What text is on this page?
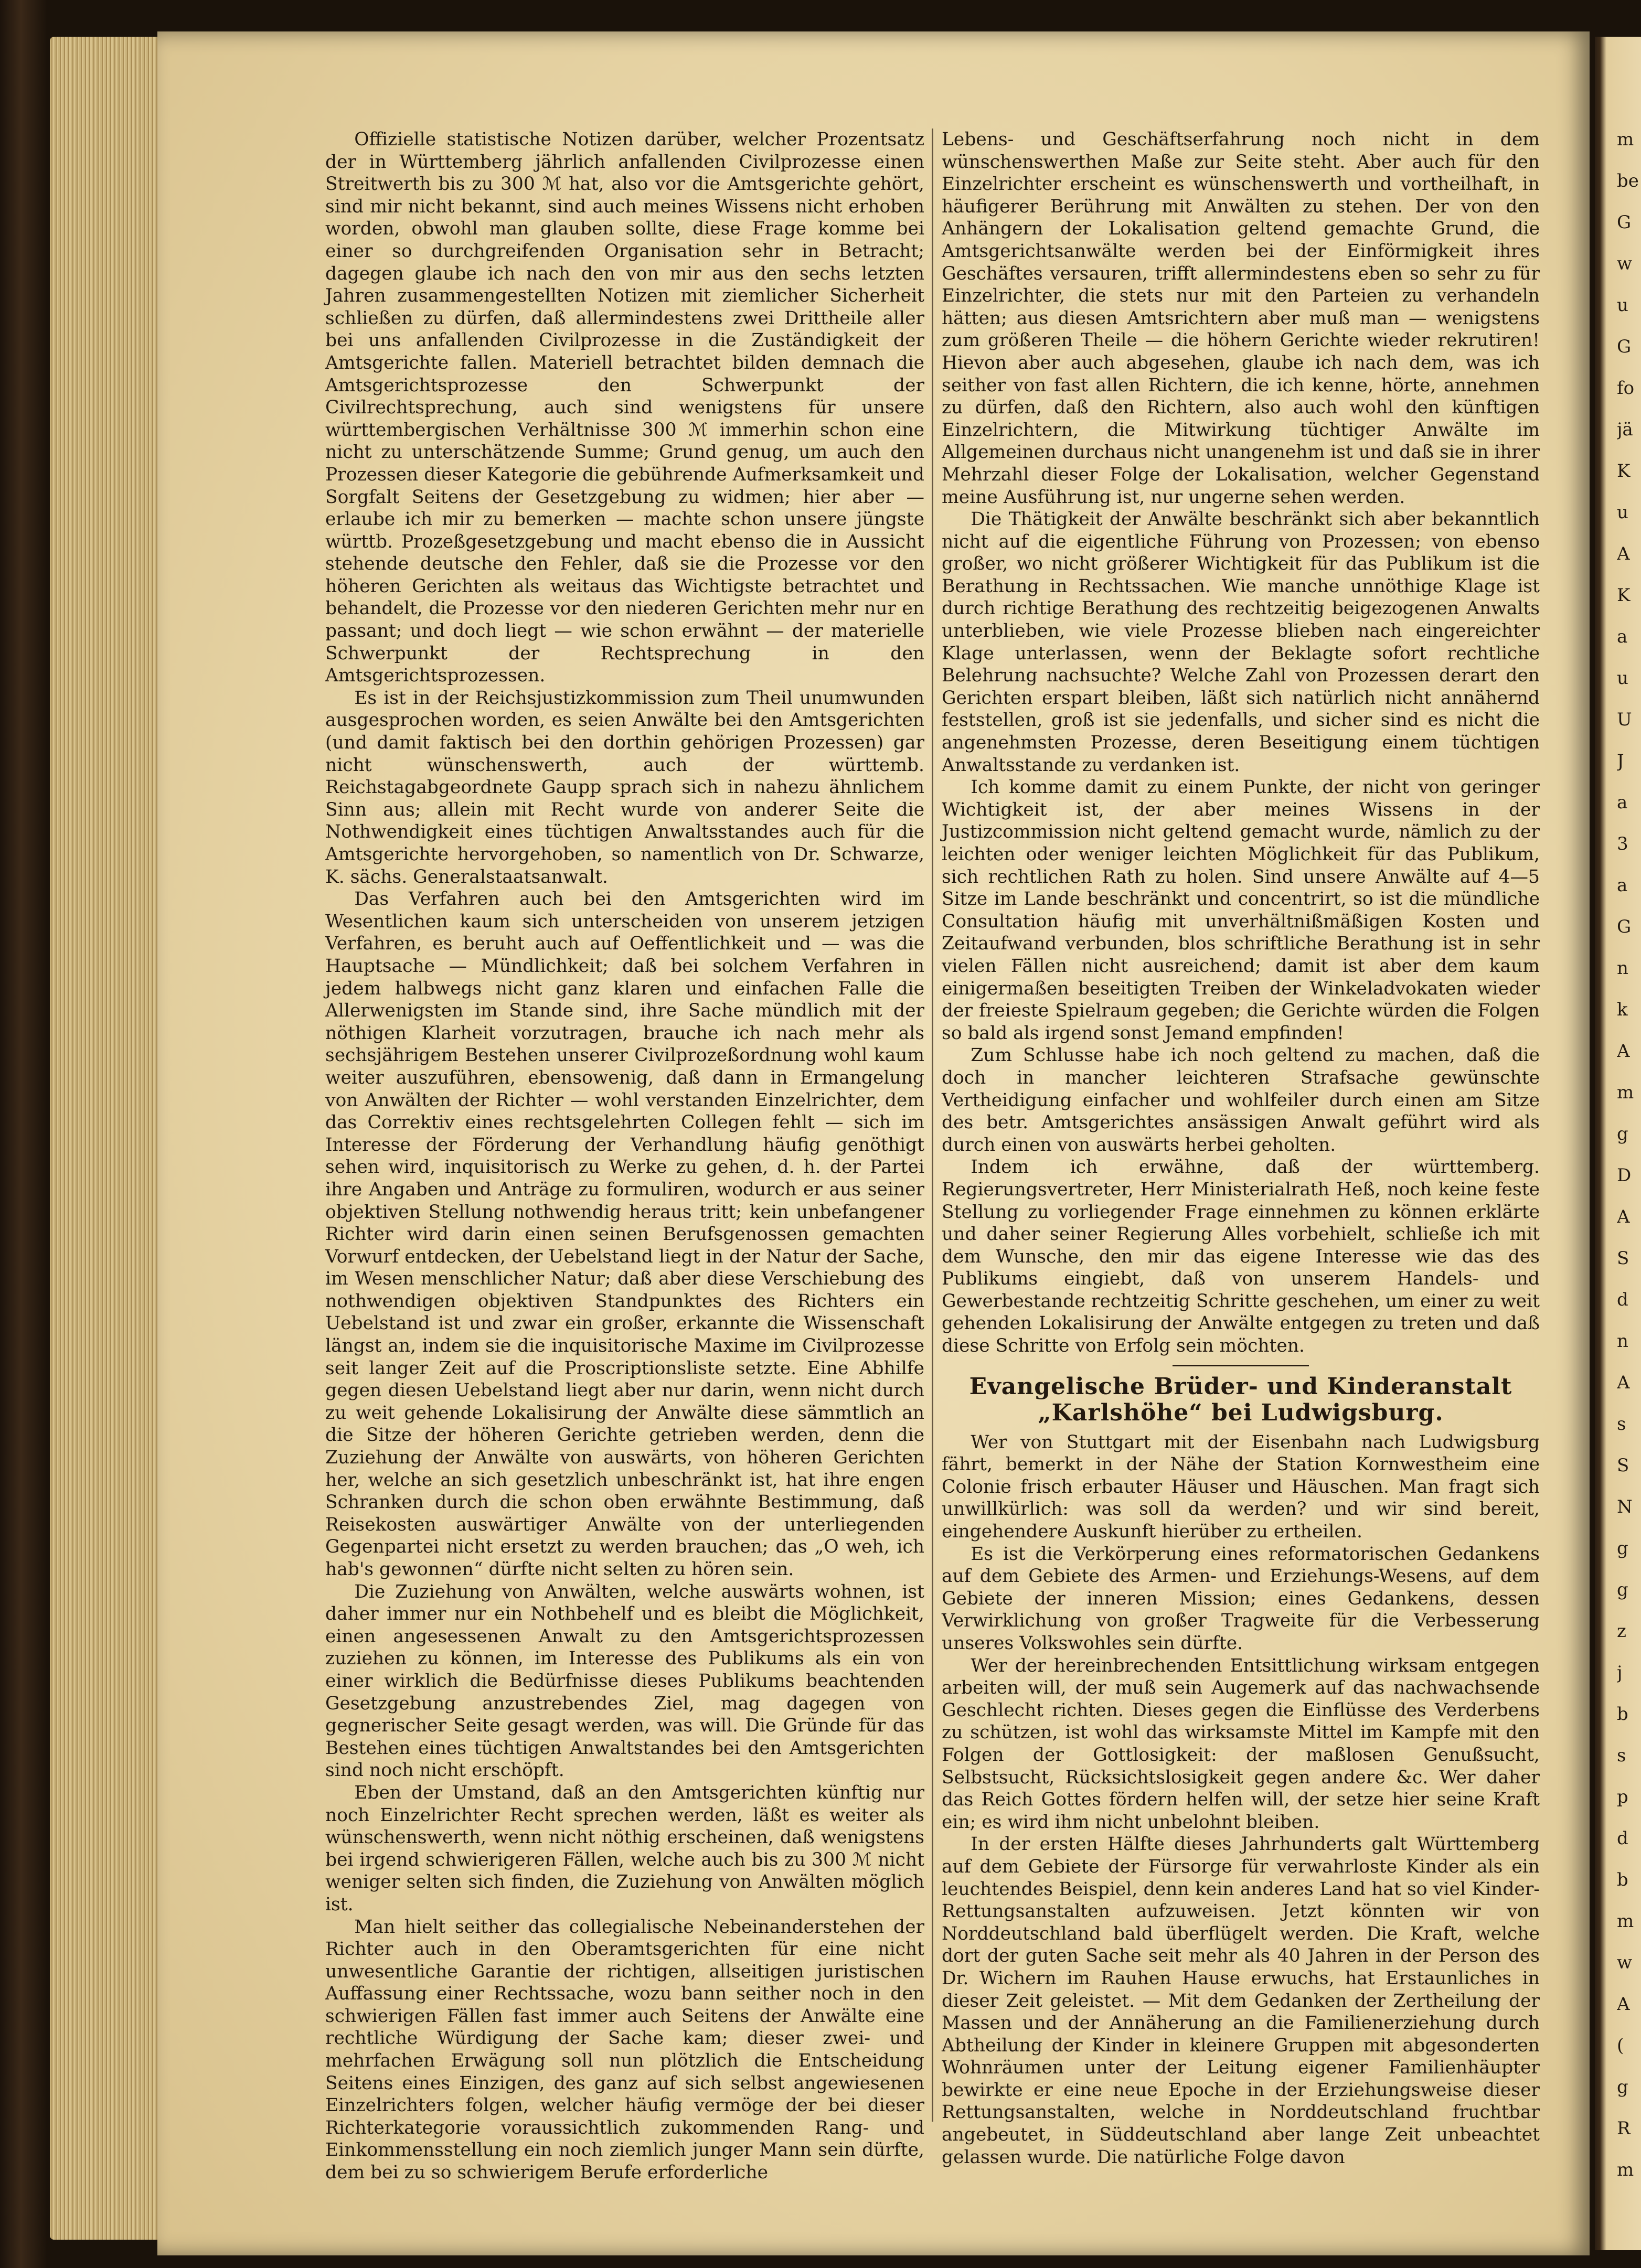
Offizielle statistische Notizen darüber, welcher Prozentsatz der in Württemberg jährlich anfallenden Civilprozesse einen Streitwerth bis zu 300 ℳ hat, also vor die Amtsgerichte gehört, sind mir nicht bekannt, sind auch meines Wissens nicht erhoben worden, obwohl man glauben sollte, diese Frage komme bei einer so durchgreifenden Organisation sehr in Betracht; dagegen glaube ich nach den von mir aus den sechs letzten Jahren zusammengestellten Notizen mit ziemlicher Sicherheit schließen zu dürfen, daß allermindestens zwei Drittheile aller bei uns anfallenden Civilprozesse in die Zuständigkeit der Amtsgerichte fallen. Materiell betrachtet bilden demnach die Amtsgerichtsprozesse den Schwerpunkt der Civilrechtsprechung, auch sind wenigstens für unsere württembergischen Verhältnisse 300 ℳ immerhin schon eine nicht zu unterschätzende Summe; Grund genug, um auch den Prozessen dieser Kategorie die gebührende Aufmerksamkeit und Sorgfalt Seitens der Gesetzgebung zu widmen; hier aber — erlaube ich mir zu bemerken — machte schon unsere jüngste württb. Prozeßgesetzgebung und macht ebenso die in Aussicht stehende deutsche den Fehler, daß sie die Prozesse vor den höheren Gerichten als weitaus das Wichtigste betrachtet und behandelt, die Prozesse vor den niederen Gerichten mehr nur en passant; und doch liegt — wie schon erwähnt — der materielle Schwerpunkt der Rechtsprechung in den Amtsgerichtsprozessen.

Es ist in der Reichsjustizkommission zum Theil unumwunden ausgesprochen worden, es seien Anwälte bei den Amtsgerichten (und damit faktisch bei den dorthin gehörigen Prozessen) gar nicht wünschenswerth, auch der württemb. Reichstagabgeordnete Gaupp sprach sich in nahezu ähnlichem Sinn aus; allein mit Recht wurde von anderer Seite die Nothwendigkeit eines tüchtigen Anwaltsstandes auch für die Amtsgerichte hervorgehoben, so namentlich von Dr. Schwarze, K. sächs. Generalstaatsanwalt.

Das Verfahren auch bei den Amtsgerichten wird im Wesentlichen kaum sich unterscheiden von unserem jetzigen Verfahren, es beruht auch auf Oeffentlichkeit und — was die Hauptsache — Mündlichkeit; daß bei solchem Verfahren in jedem halbwegs nicht ganz klaren und einfachen Falle die Allerwenigsten im Stande sind, ihre Sache mündlich mit der nöthigen Klarheit vorzutragen, brauche ich nach mehr als sechsjährigem Bestehen unserer Civilprozeßordnung wohl kaum weiter auszuführen, ebensowenig, daß dann in Ermangelung von Anwälten der Richter — wohl verstanden Einzelrichter, dem das Correktiv eines rechtsgelehrten Collegen fehlt — sich im Interesse der Förderung der Verhandlung häufig genöthigt sehen wird, inquisitorisch zu Werke zu gehen, d. h. der Partei ihre Angaben und Anträge zu formuliren, wodurch er aus seiner objektiven Stellung nothwendig heraus tritt; kein unbefangener Richter wird darin einen seinen Berufsgenossen gemachten Vorwurf entdecken, der Uebelstand liegt in der Natur der Sache, im Wesen menschlicher Natur; daß aber diese Verschiebung des nothwendigen objektiven Standpunktes des Richters ein Uebelstand ist und zwar ein großer, erkannte die Wissenschaft längst an, indem sie die inquisitorische Maxime im Civilprozesse seit langer Zeit auf die Proscriptionsliste setzte. Eine Abhilfe gegen diesen Uebelstand liegt aber nur darin, wenn nicht durch zu weit gehende Lokalisirung der Anwälte diese sämmtlich an die Sitze der höheren Gerichte getrieben werden, denn die Zuziehung der Anwälte von auswärts, von höheren Gerichten her, welche an sich gesetzlich unbeschränkt ist, hat ihre engen Schranken durch die schon oben erwähnte Bestimmung, daß Reisekosten auswärtiger Anwälte von der unterliegenden Gegenpartei nicht ersetzt zu werden brauchen; das „O weh, ich hab's gewonnen“ dürfte nicht selten zu hören sein.

Die Zuziehung von Anwälten, welche auswärts wohnen, ist daher immer nur ein Nothbehelf und es bleibt die Möglichkeit, einen angesessenen Anwalt zu den Amtsgerichtsprozessen zuziehen zu können, im Interesse des Publikums als ein von einer wirklich die Bedürfnisse dieses Publikums beachtenden Gesetzgebung anzustrebendes Ziel, mag dagegen von gegnerischer Seite gesagt werden, was will. Die Gründe für das Bestehen eines tüchtigen Anwaltstandes bei den Amtsgerichten sind noch nicht erschöpft.

Eben der Umstand, daß an den Amtsgerichten künftig nur noch Einzelrichter Recht sprechen werden, läßt es weiter als wünschenswerth, wenn nicht nöthig erscheinen, daß wenigstens bei irgend schwierigeren Fällen, welche auch bis zu 300 ℳ nicht weniger selten sich finden, die Zuziehung von Anwälten möglich ist.

Man hielt seither das collegialische Nebeinanderstehen der Richter auch in den Oberamtsgerichten für eine nicht unwesentliche Garantie der richtigen, allseitigen juristischen Auffassung einer Rechtssache, wozu bann seither noch in den schwierigen Fällen fast immer auch Seitens der Anwälte eine rechtliche Würdigung der Sache kam; dieser zwei- und mehrfachen Erwägung soll nun plötzlich die Entscheidung Seitens eines Einzigen, des ganz auf sich selbst angewiesenen Einzelrichters folgen, welcher häufig vermöge der bei dieser Richterkategorie voraussichtlich zukommenden Rang- und Einkommensstellung ein noch ziemlich junger Mann sein dürfte, dem bei zu so schwierigem Berufe erforderliche

Lebens- und Geschäftserfahrung noch nicht in dem wünschenswerthen Maße zur Seite steht. Aber auch für den Einzelrichter erscheint es wünschenswerth und vortheilhaft, in häufigerer Berührung mit Anwälten zu stehen. Der von den Anhängern der Lokalisation geltend gemachte Grund, die Amtsgerichtsanwälte werden bei der Einförmigkeit ihres Geschäftes versauren, trifft allermindestens eben so sehr zu für Einzelrichter, die stets nur mit den Parteien zu verhandeln hätten; aus diesen Amtsrichtern aber muß man — wenigstens zum größeren Theile — die höhern Gerichte wieder rekrutiren! Hievon aber auch abgesehen, glaube ich nach dem, was ich seither von fast allen Richtern, die ich kenne, hörte, annehmen zu dürfen, daß den Richtern, also auch wohl den künftigen Einzelrichtern, die Mitwirkung tüchtiger Anwälte im Allgemeinen durchaus nicht unangenehm ist und daß sie in ihrer Mehrzahl dieser Folge der Lokalisation, welcher Gegenstand meine Ausführung ist, nur ungerne sehen werden.

Die Thätigkeit der Anwälte beschränkt sich aber bekanntlich nicht auf die eigentliche Führung von Prozessen; von ebenso großer, wo nicht größerer Wichtigkeit für das Publikum ist die Berathung in Rechtssachen. Wie manche unnöthige Klage ist durch richtige Berathung des rechtzeitig beigezogenen Anwalts unterblieben, wie viele Prozesse blieben nach eingereichter Klage unterlassen, wenn der Beklagte sofort rechtliche Belehrung nachsuchte? Welche Zahl von Prozessen derart den Gerichten erspart bleiben, läßt sich natürlich nicht annähernd feststellen, groß ist sie jedenfalls, und sicher sind es nicht die angenehmsten Prozesse, deren Beseitigung einem tüchtigen Anwaltsstande zu verdanken ist.

Ich komme damit zu einem Punkte, der nicht von geringer Wichtigkeit ist, der aber meines Wissens in der Justizcommission nicht geltend gemacht wurde, nämlich zu der leichten oder weniger leichten Möglichkeit für das Publikum, sich rechtlichen Rath zu holen. Sind unsere Anwälte auf 4—5 Sitze im Lande beschränkt und concentrirt, so ist die mündliche Consultation häufig mit unverhältnißmäßigen Kosten und Zeitaufwand verbunden, blos schriftliche Berathung ist in sehr vielen Fällen nicht ausreichend; damit ist aber dem kaum einigermaßen beseitigten Treiben der Winkeladvokaten wieder der freieste Spielraum gegeben; die Gerichte würden die Folgen so bald als irgend sonst Jemand empfinden!

Zum Schlusse habe ich noch geltend zu machen, daß die doch in mancher leichteren Strafsache gewünschte Vertheidigung einfacher und wohlfeiler durch einen am Sitze des betr. Amtsgerichtes ansässigen Anwalt geführt wird als durch einen von auswärts herbei geholten.

Indem ich erwähne, daß der württemberg. Regierungsvertreter, Herr Ministerialrath Heß, noch keine feste Stellung zu vorliegender Frage einnehmen zu können erklärte und daher seiner Regierung Alles vorbehielt, schließe ich mit dem Wunsche, den mir das eigene Interesse wie das des Publikums eingiebt, daß von unserem Handels- und Gewerbestande rechtzeitig Schritte geschehen, um einer zu weit gehenden Lokalisirung der Anwälte entgegen zu treten und daß diese Schritte von Erfolg sein möchten.

Evangelische Brüder- und Kinderanstalt „Karlshöhe“ bei Ludwigsburg.

Wer von Stuttgart mit der Eisenbahn nach Ludwigsburg fährt, bemerkt in der Nähe der Station Kornwestheim eine Colonie frisch erbauter Häuser und Häuschen. Man fragt sich unwillkürlich: was soll da werden? und wir sind bereit, eingehendere Auskunft hierüber zu ertheilen.

Es ist die Verkörperung eines reformatorischen Gedankens auf dem Gebiete des Armen- und Erziehungs-Wesens, auf dem Gebiete der inneren Mission; eines Gedankens, dessen Verwirklichung von großer Tragweite für die Verbesserung unseres Volkswohles sein dürfte.

Wer der hereinbrechenden Entsittlichung wirksam entgegen arbeiten will, der muß sein Augemerk auf das nachwachsende Geschlecht richten. Dieses gegen die Einflüsse des Verderbens zu schützen, ist wohl das wirksamste Mittel im Kampfe mit den Folgen der Gottlosigkeit: der maßlosen Genußsucht, Selbstsucht, Rücksichtslosigkeit gegen andere &c. Wer daher das Reich Gottes fördern helfen will, der setze hier seine Kraft ein; es wird ihm nicht unbelohnt bleiben.

In der ersten Hälfte dieses Jahrhunderts galt Württemberg auf dem Gebiete der Fürsorge für verwahrloste Kinder als ein leuchtendes Beispiel, denn kein anderes Land hat so viel Kinder-Rettungsanstalten aufzuweisen. Jetzt könnten wir von Norddeutschland bald überflügelt werden. Die Kraft, welche dort der guten Sache seit mehr als 40 Jahren in der Person des Dr. Wichern im Rauhen Hause erwuchs, hat Erstaunliches in dieser Zeit geleistet. — Mit dem Gedanken der Zertheilung der Massen und der Annäherung an die Familienerziehung durch Abtheilung der Kinder in kleinere Gruppen mit abgesonderten Wohnräumen unter der Leitung eigener Familienhäupter bewirkte er eine neue Epoche in der Erziehungsweise dieser Rettungsanstalten, welche in Norddeutschland fruchtbar angebeutet, in Süddeutschland aber lange Zeit unbeachtet gelassen wurde. Die natürliche Folge davon

m
be
G
w
u
G
fo
jä
K
u
A
K
a
u
U
J
a
3
a
G
n
k
A
m
g
D
A
S
d
n
A
s
S
N
g
g
z
j
b
s
p
d
b
m
w
A
(
g
R
m
